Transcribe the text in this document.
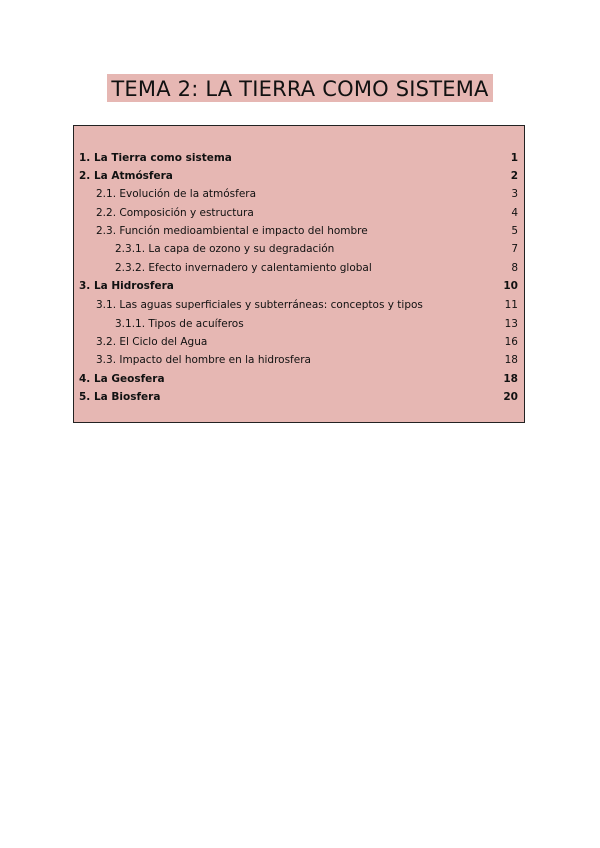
TEMA 2: LA TIERRA COMO SISTEMA
1. La Tierra como sistema	1
2. La Atmósfera	2
2.1. Evolución de la atmósfera	3
2.2. Composición y estructura	4
2.3. Función medioambiental e impacto del hombre	5
2.3.1. La capa de ozono y su degradación	7
2.3.2. Efecto invernadero y calentamiento global	8
3. La Hidrosfera	10
3.1. Las aguas superficiales y subterráneas: conceptos y tipos	11
3.1.1. Tipos de acuíferos	13
3.2. El Ciclo del Agua	16
3.3. Impacto del hombre en la hidrosfera	18
4. La Geosfera	18
5. La Biosfera	20
